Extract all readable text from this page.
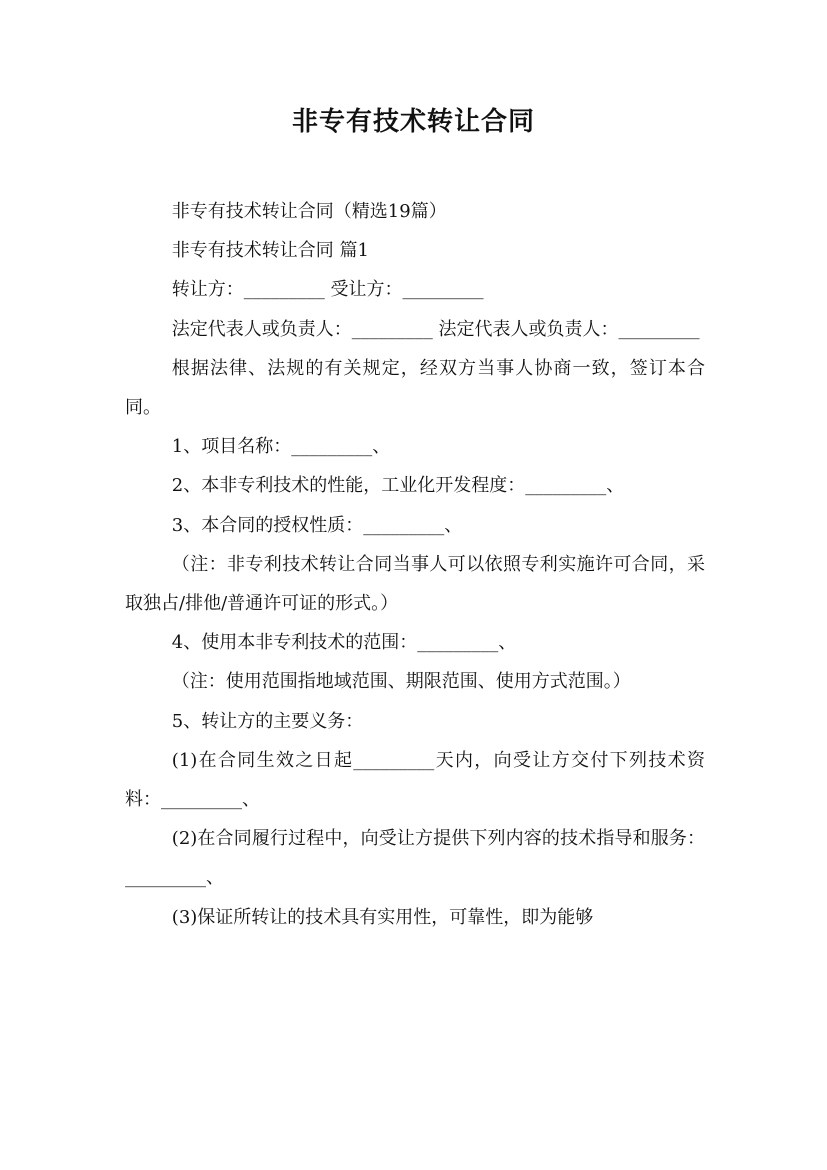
非专有技术转让合同

非专有技术转让合同（精选19篇）

非专有技术转让合同 篇1

转让方：_________ 受让方：_________

法定代表人或负责人：_________ 法定代表人或负责人：_________

根据法律、法规的有关规定，经双方当事人协商一致，签订本合同。

1、项目名称：_________、

2、本非专利技术的性能，工业化开发程度：_________、

3、本合同的授权性质：_________、

（注：非专利技术转让合同当事人可以依照专利实施许可合同，采取独占/排他/普通许可证的形式。）

4、使用本非专利技术的范围：_________、

（注：使用范围指地域范围、期限范围、使用方式范围。）

5、转让方的主要义务：

(1)在合同生效之日起_________天内，向受让方交付下列技术资料：_________、

(2)在合同履行过程中，向受让方提供下列内容的技术指导和服务：_________、

(3)保证所转让的技术具有实用性，可靠性，即为能够
